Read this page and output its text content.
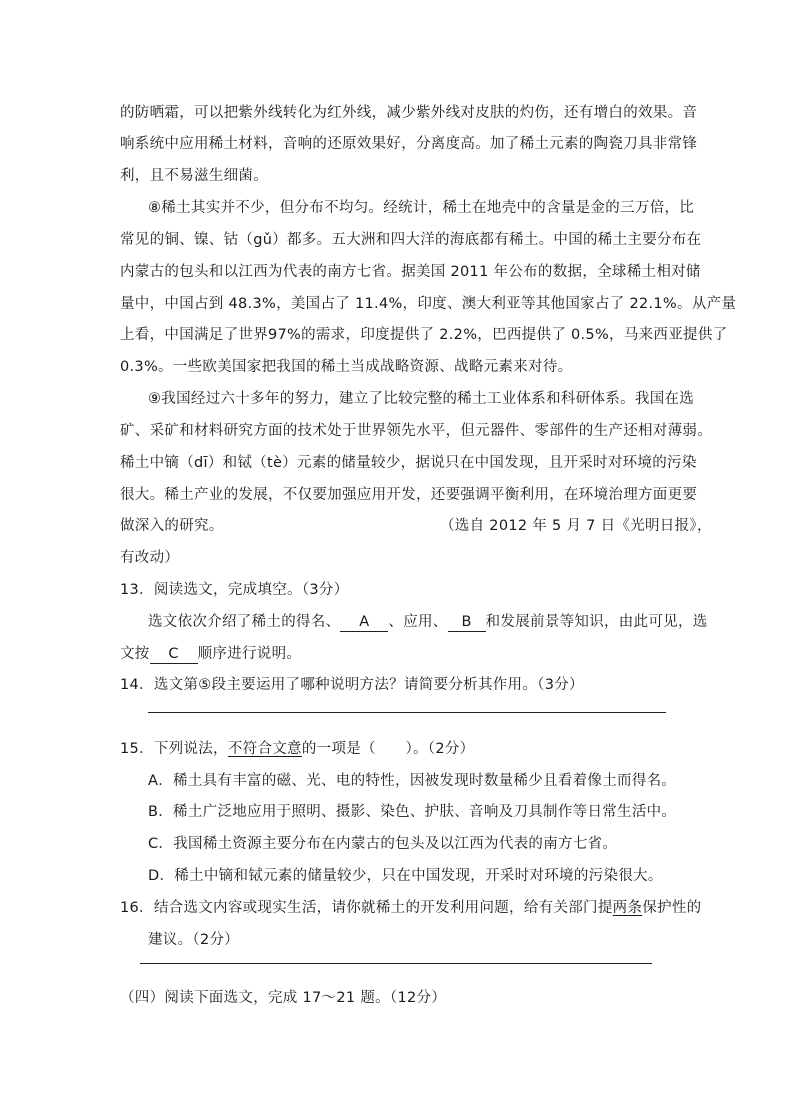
的防晒霜，可以把紫外线转化为红外线，减少紫外线对皮肤的灼伤，还有增白的效果。音
响系统中应用稀土材料，音响的还原效果好，分离度高。加了稀土元素的陶瓷刀具非常锋
利，且不易滋生细菌。
⑧稀土其实并不少，但分布不均匀。经统计，稀土在地壳中的含量是金的三万倍，比
常见的铜、镍、钴（gǔ）都多。五大洲和四大洋的海底都有稀土。中国的稀土主要分布在
内蒙古的包头和以江西为代表的南方七省。据美国 2011 年公布的数据，全球稀土相对储
量中，中国占到 48.3%，美国占了 11.4%，印度、澳大利亚等其他国家占了 22.1%。从产量
上看，中国满足了世界97%的需求，印度提供了 2.2%，巴西提供了 0.5%，马来西亚提供了
0.3%。一些欧美国家把我国的稀土当成战略资源、战略元素来对待。
⑨我国经过六十多年的努力，建立了比较完整的稀土工业体系和科研体系。我国在选
矿、采矿和材料研究方面的技术处于世界领先水平，但元器件、零部件的生产还相对薄弱。
稀土中镝（dī）和铽（tè）元素的储量较少，据说只在中国发现，且开采时对环境的污染
很大。稀土产业的发展，不仅要加强应用开发，还要强调平衡利用，在环境治理方面更要
做深入的研究。	（选自 2012 年 5 月 7 日《光明日报》，
有改动）
13．阅读选文，完成填空。（3分）
选文依次介绍了稀土的得名、 A 、应用、 B 和发展前景等知识，由此可见，选
文按 C 顺序进行说明。
14．选文第⑤段主要运用了哪种说明方法？请简要分析其作用。（3分）
15．下列说法，不符合文意的一项是（　　）。（2分）
A．稀土具有丰富的磁、光、电的特性，因被发现时数量稀少且看着像土而得名。
B．稀土广泛地应用于照明、摄影、染色、护肤、音响及刀具制作等日常生活中。
C．我国稀土资源主要分布在内蒙古的包头及以江西为代表的南方七省。
D．稀土中镝和铽元素的储量较少，只在中国发现，开采时对环境的污染很大。
16．结合选文内容或现实生活，请你就稀土的开发利用问题，给有关部门提两条保护性的
建议。（2分）
（四）阅读下面选文，完成 17～21 题。（12分）
